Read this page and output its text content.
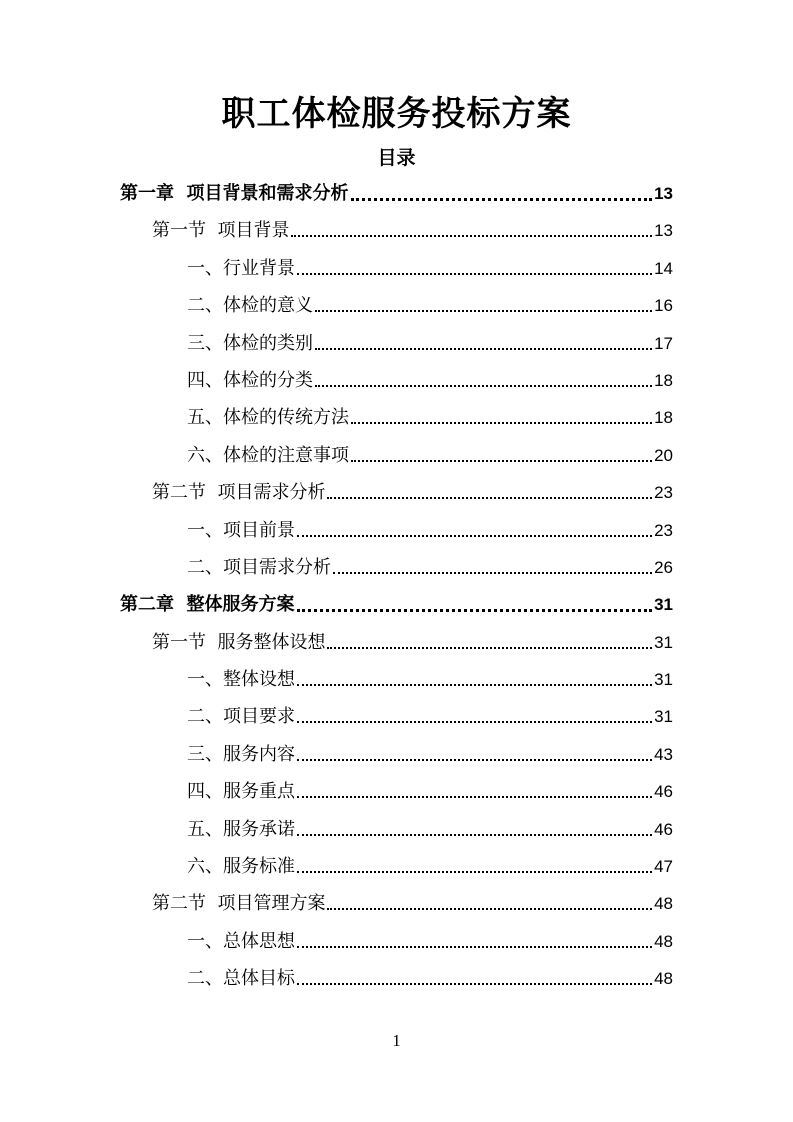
职工体检服务投标方案
目录
第一章  项目背景和需求分析	13
第一节  项目背景	13
一、行业背景	14
二、体检的意义	16
三、体检的类别	17
四、体检的分类	18
五、体检的传统方法	18
六、体检的注意事项	20
第二节  项目需求分析	23
一、项目前景	23
二、项目需求分析	26
第二章  整体服务方案	31
第一节  服务整体设想	31
一、整体设想	31
二、项目要求	31
三、服务内容	43
四、服务重点	46
五、服务承诺	46
六、服务标准	47
第二节  项目管理方案	48
一、总体思想	48
二、总体目标	48
1
